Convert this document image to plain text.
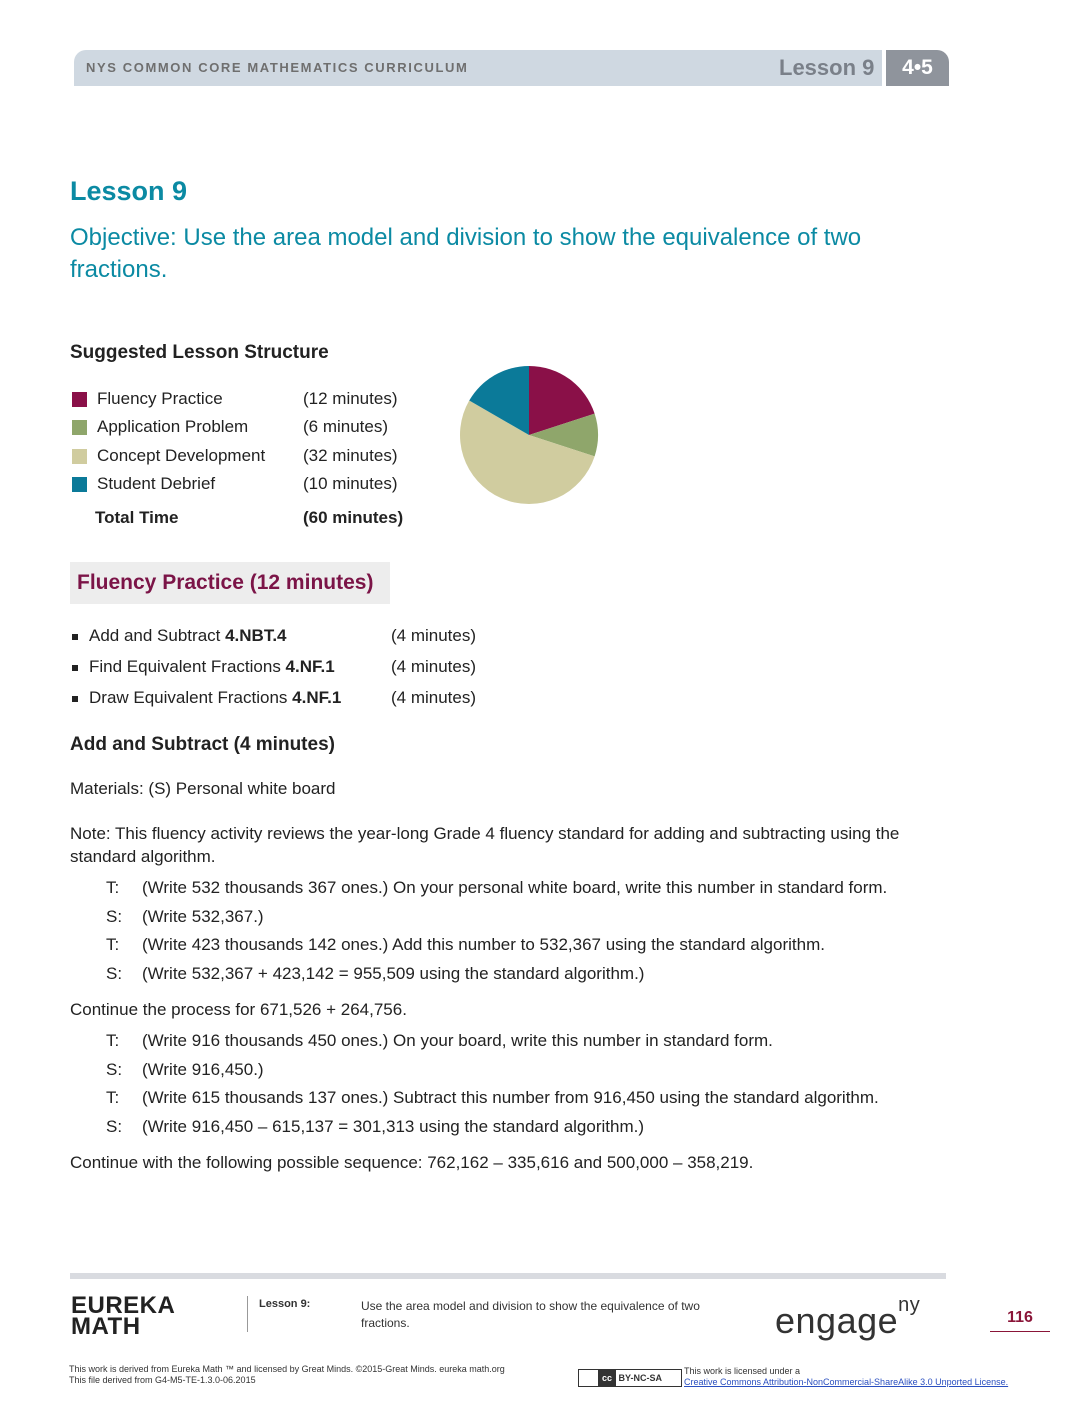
NYS COMMON CORE MATHEMATICS CURRICULUM	Lesson 9	4•5
Lesson 9
Objective: Use the area model and division to show the equivalence of two fractions.
Suggested Lesson Structure
Fluency Practice	(12 minutes)
Application Problem	(6 minutes)
Concept Development (32 minutes)
Student Debrief	(10 minutes)
Total Time	(60 minutes)
Fluency Practice (12 minutes)
Add and Subtract 4.NBT.4	(4 minutes)
Find Equivalent Fractions 4.NF.1	(4 minutes)
Draw Equivalent Fractions 4.NF.1	(4 minutes)
Add and Subtract (4 minutes)
Materials: (S) Personal white board
Note: This fluency activity reviews the year-long Grade 4 fluency standard for adding and subtracting using the standard algorithm.
T: (Write 532 thousands 367 ones.) On your personal white board, write this number in standard form.
S: (Write 532,367.)
T: (Write 423 thousands 142 ones.) Add this number to 532,367 using the standard algorithm.
S: (Write 532,367 + 423,142 = 955,509 using the standard algorithm.)
Continue the process for 671,526 + 264,756.
T: (Write 916 thousands 450 ones.) On your board, write this number in standard form.
S: (Write 916,450.)
T: (Write 615 thousands 137 ones.) Subtract this number from 916,450 using the standard algorithm.
S: (Write 916,450 – 615,137 = 301,313 using the standard algorithm.)
Continue with the following possible sequence: 762,162 – 335,616 and 500,000 – 358,219.
EUREKA
MATH
Lesson 9:	Use the area model and division to show the equivalence of two fractions.	engage$^{ny}$
116
This work is derived from Eureka Math ™ and licensed by Great Minds. ©2015-Great Minds. eureka math.org
This file derived from G4-M5-TE-1.3.0-06.2015	cc BY-NC-SA
This work is licensed under a
Creative Commons Attribution-NonCommercial-ShareAlike 3.0 Unported License.
